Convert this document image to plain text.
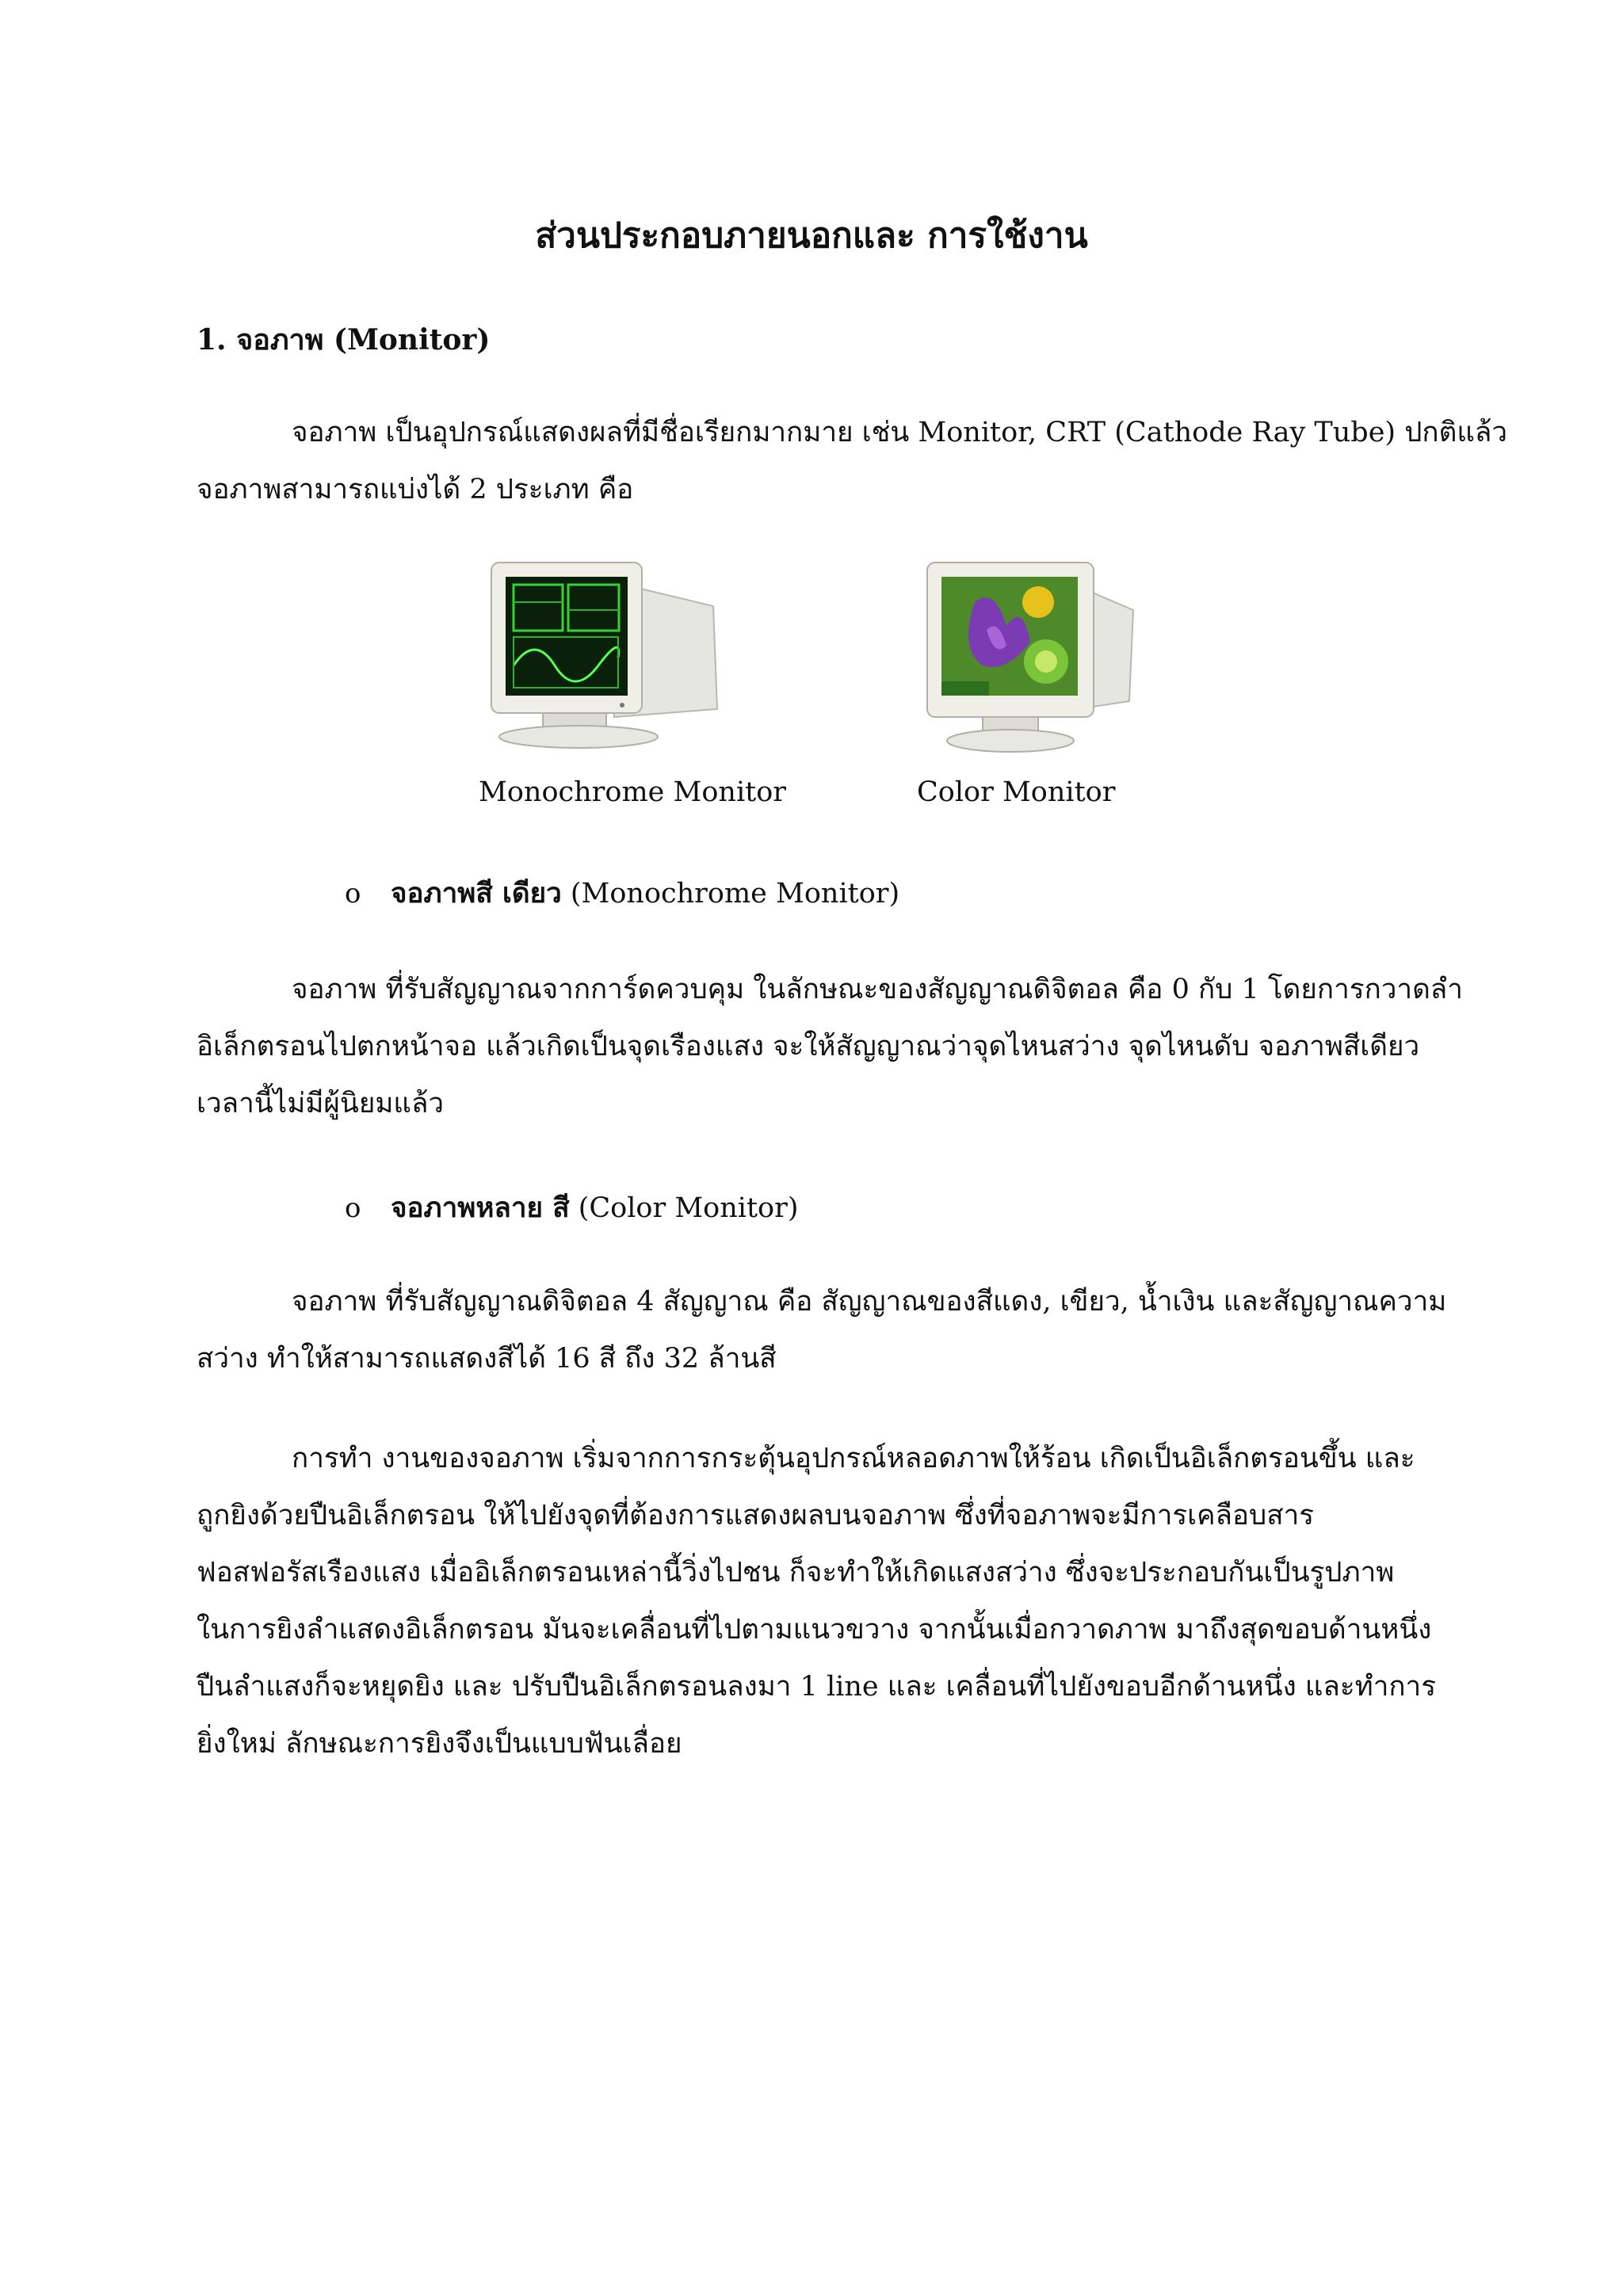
ส่วนประกอบภายนอกและ การใช้งาน
1. จอภาพ (Monitor)
จอภาพ เป็นอุปกรณ์แสดงผลที่มีชื่อเรียกมากมาย เช่น Monitor, CRT (Cathode Ray Tube) ปกติแล้ว
จอภาพสามารถแบ่งได้ 2 ประเภท คือ
Monochrome Monitor	Color Monitor
o จอภาพสี เดียว (Monochrome Monitor)
จอภาพ ที่รับสัญญาณจากการ์ดควบคุม ในลักษณะของสัญญาณดิจิตอล คือ 0 กับ 1 โดยการกวาดลำ
อิเล็กตรอนไปตกหน้าจอ แล้วเกิดเป็นจุดเรืองแสง จะให้สัญญาณว่าจุดไหนสว่าง จุดไหนดับ จอภาพสีเดียว
เวลานี้ไม่มีผู้นิยมแล้ว
o จอภาพหลาย สี (Color Monitor)
จอภาพ ที่รับสัญญาณดิจิตอล 4 สัญญาณ คือ สัญญาณของสีแดง, เขียว, น้ำเงิน และสัญญาณความ
สว่าง ทำให้สามารถแสดงสีได้ 16 สี ถึง 32 ล้านสี
การทำ งานของจอภาพ เริ่มจากการกระตุ้นอุปกรณ์หลอดภาพให้ร้อน เกิดเป็นอิเล็กตรอนขึ้น และ
ถูกยิงด้วยปืนอิเล็กตรอน ให้ไปยังจุดที่ต้องการแสดงผลบนจอภาพ ซึ่งที่จอภาพจะมีการเคลือบสาร
ฟอสฟอรัสเรืองแสง เมื่ออิเล็กตรอนเหล่านี้วิ่งไปชน ก็จะทำให้เกิดแสงสว่าง ซึ่งจะประกอบกันเป็นรูปภาพ
ในการยิงลำแสดงอิเล็กตรอน มันจะเคลื่อนที่ไปตามแนวขวาง จากนั้นเมื่อกวาดภาพ มาถึงสุดขอบด้านหนึ่ง
ปืนลำแสงก็จะหยุดยิง และ ปรับปืนอิเล็กตรอนลงมา 1 line และ เคลื่อนที่ไปยังขอบอีกด้านหนึ่ง และทำการ
ยิ่งใหม่ ลักษณะการยิงจึงเป็นแบบฟันเลื่อย
